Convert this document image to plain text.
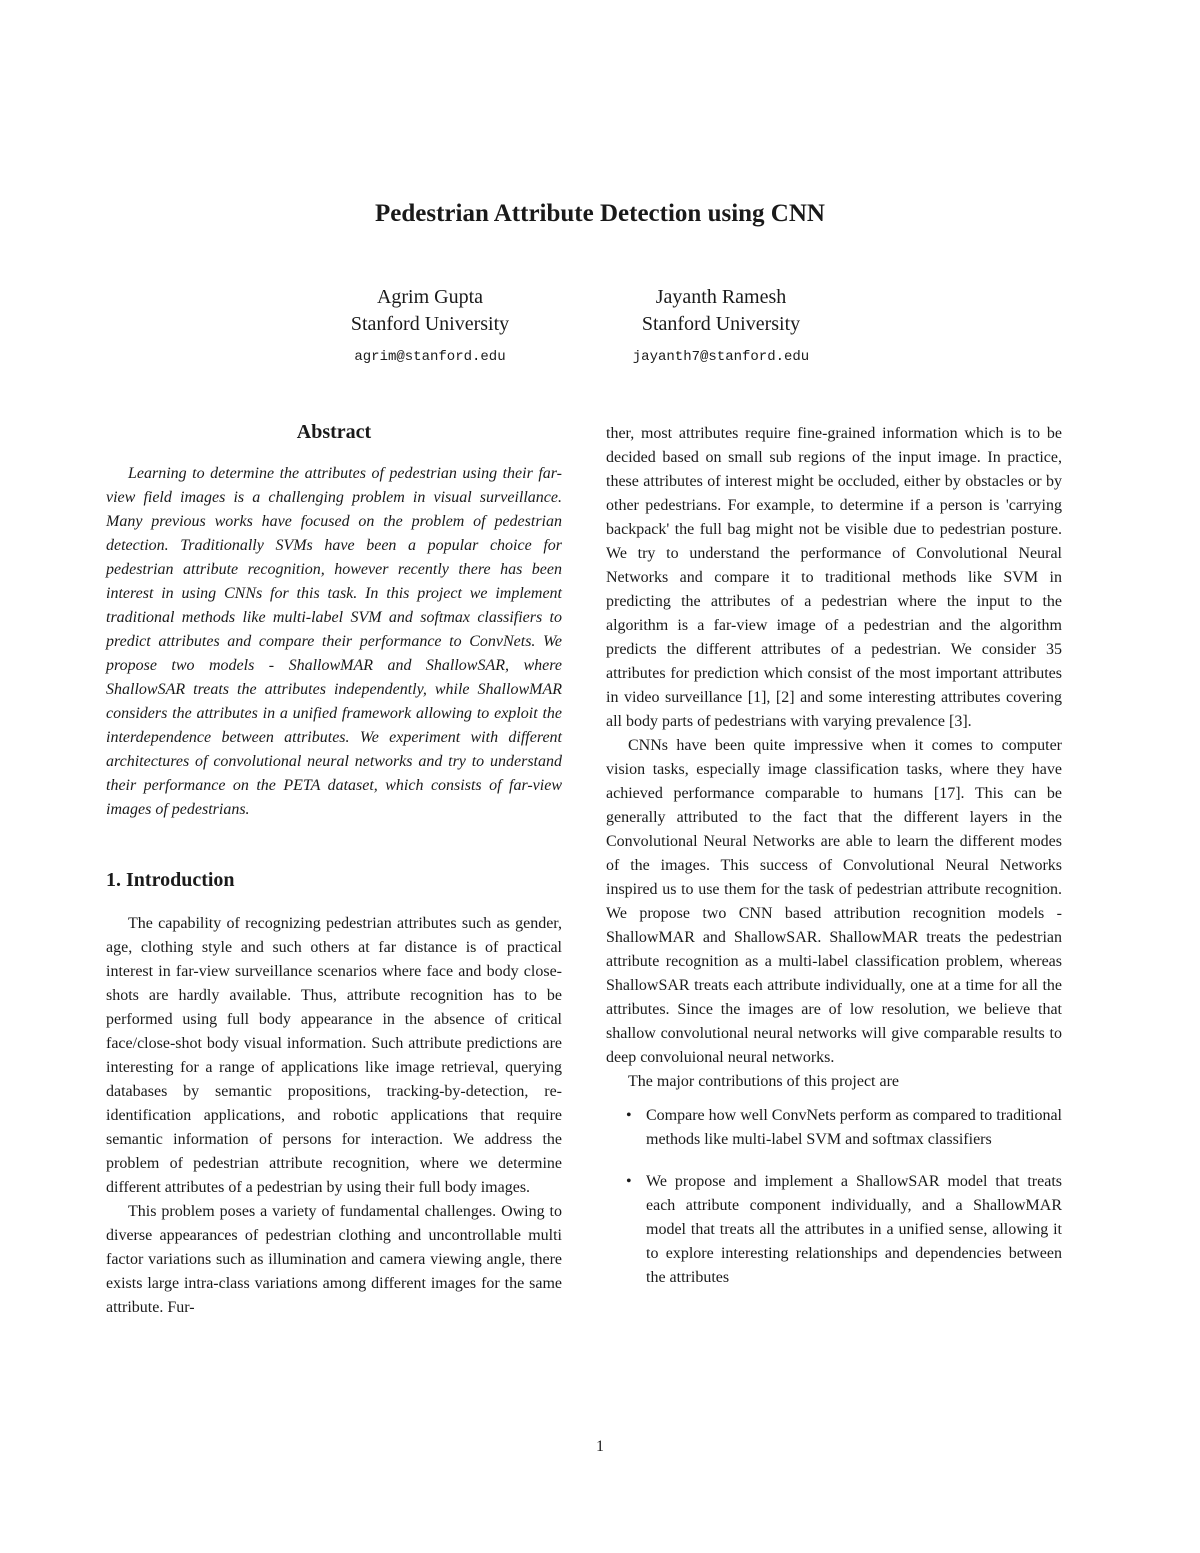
Pedestrian Attribute Detection using CNN
Agrim Gupta
Stanford University
agrim@stanford.edu
Jayanth Ramesh
Stanford University
jayanth7@stanford.edu
Abstract

Learning to determine the attributes of pedestrian using their far-view field images is a challenging problem in visual surveillance. Many previous works have focused on the problem of pedestrian detection. Traditionally SVMs have been a popular choice for pedestrian attribute recognition, however recently there has been interest in using CNNs for this task. In this project we implement traditional methods like multi-label SVM and softmax classifiers to predict attributes and compare their performance to ConvNets. We propose two models - ShallowMAR and ShallowSAR, where ShallowSAR treats the attributes independently, while ShallowMAR considers the attributes in a unified framework allowing to exploit the interdependence between attributes. We experiment with different architectures of convolutional neural networks and try to understand their performance on the PETA dataset, which consists of far-view images of pedestrians.

1. Introduction

The capability of recognizing pedestrian attributes such as gender, age, clothing style and such others at far distance is of practical interest in far-view surveillance scenarios where face and body close-shots are hardly available. Thus, attribute recognition has to be performed using full body appearance in the absence of critical face/close-shot body visual information. Such attribute predictions are interesting for a range of applications like image retrieval, querying databases by semantic propositions, tracking-by-detection, re-identification applications, and robotic applications that require semantic information of persons for interaction. We address the problem of pedestrian attribute recognition, where we determine different attributes of a pedestrian by using their full body images.

This problem poses a variety of fundamental challenges. Owing to diverse appearances of pedestrian clothing and uncontrollable multi factor variations such as illumination and camera viewing angle, there exists large intra-class variations among different images for the same attribute. Fur-

ther, most attributes require fine-grained information which is to be decided based on small sub regions of the input image. In practice, these attributes of interest might be occluded, either by obstacles or by other pedestrians. For example, to determine if a person is 'carrying backpack' the full bag might not be visible due to pedestrian posture. We try to understand the performance of Convolutional Neural Networks and compare it to traditional methods like SVM in predicting the attributes of a pedestrian where the input to the algorithm is a far-view image of a pedestrian and the algorithm predicts the different attributes of a pedestrian. We consider 35 attributes for prediction which consist of the most important attributes in video surveillance [1], [2] and some interesting attributes covering all body parts of pedestrians with varying prevalence [3].

CNNs have been quite impressive when it comes to computer vision tasks, especially image classification tasks, where they have achieved performance comparable to humans [17]. This can be generally attributed to the fact that the different layers in the Convolutional Neural Networks are able to learn the different modes of the images. This success of Convolutional Neural Networks inspired us to use them for the task of pedestrian attribute recognition. We propose two CNN based attribution recognition models - ShallowMAR and ShallowSAR. ShallowMAR treats the pedestrian attribute recognition as a multi-label classification problem, whereas ShallowSAR treats each attribute individually, one at a time for all the attributes. Since the images are of low resolution, we believe that shallow convolutional neural networks will give comparable results to deep convoluional neural networks.

The major contributions of this project are

• Compare how well ConvNets perform as compared to traditional methods like multi-label SVM and softmax classifiers
• We propose and implement a ShallowSAR model that treats each attribute component individually, and a ShallowMAR model that treats all the attributes in a unified sense, allowing it to explore interesting relationships and dependencies between the attributes
1
